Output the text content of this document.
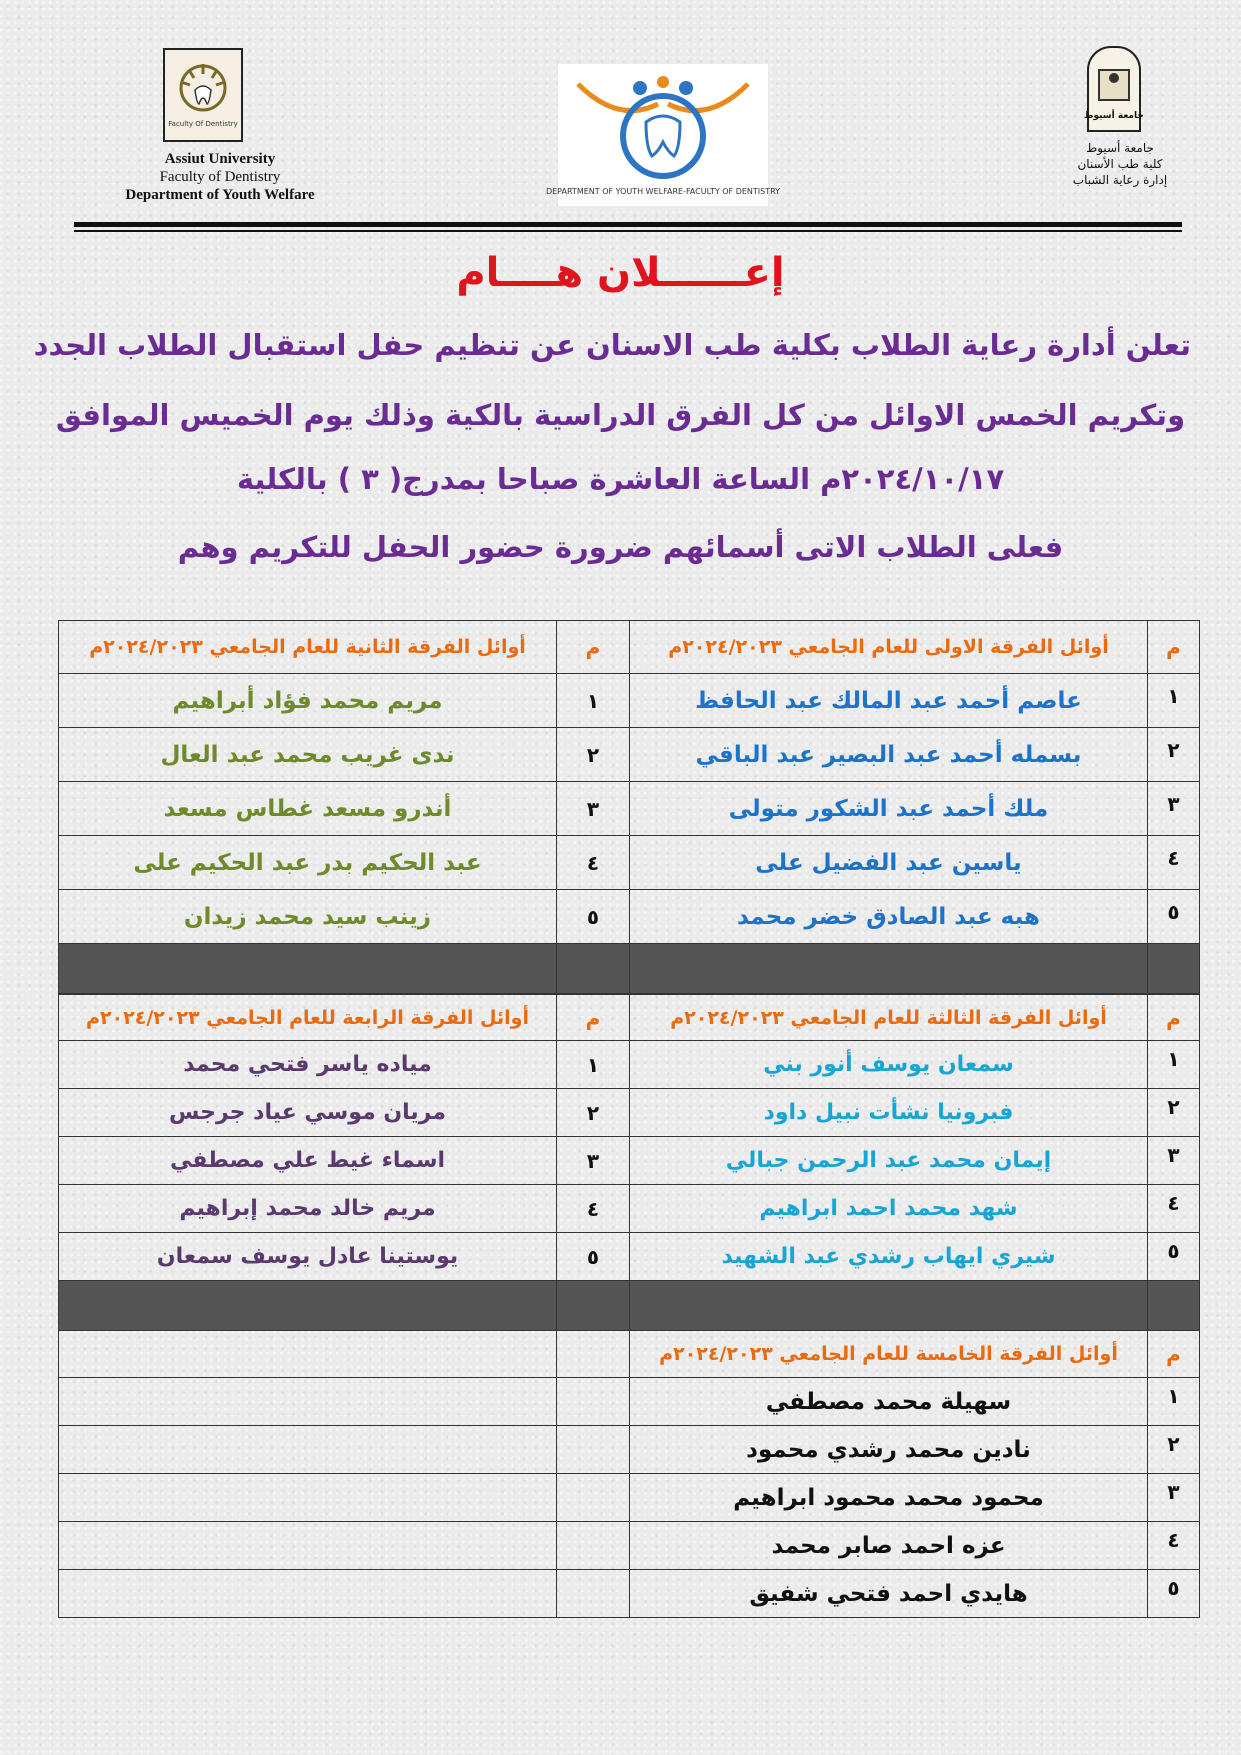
Faculty Of Dentistry
DEPARTMENT OF YOUTH WELFARE-FACULTY OF DENTISTRY
جامعة أسيوط
Assiut University
Faculty of Dentistry
Department of Youth Welfare
جامعة أسيوط
كلية طب الأسنان
إدارة رعاية الشباب
إعــــــلان هــــام
تعلن أدارة رعاية الطلاب بكلية طب الاسنان عن تنظيم حفل استقبال الطلاب الجدد
وتكريم الخمس الاوائل من كل الفرق الدراسية بالكية وذلك يوم الخميس الموافق
٢٠٢٤/١٠/١٧م الساعة العاشرة صباحا بمدرج( ٣ ) بالكلية
فعلى الطلاب الاتى أسمائهم ضرورة حضور الحفل للتكريم وهم
م	أوائل الفرقة الاولى للعام الجامعي ٢٠٢٤/٢٠٢٣م	م	أوائل الفرقة الثانية للعام الجامعي ٢٠٢٤/٢٠٢٣م
١	عاصم أحمد عبد المالك عبد الحافظ	١	مريم محمد فؤاد أبراهيم
٢	بسمله أحمد عبد البصير عبد الباقي	٢	ندى غريب محمد عبد العال
٣	ملك أحمد عبد الشكور متولى	٣	أندرو مسعد غطاس مسعد
٤	ياسين عبد الفضيل على	٤	عبد الحكيم بدر عبد الحكيم على
٥	هبه عبد الصادق خضر محمد	٥	زينب سيد محمد زيدان

م	أوائل الفرقة الثالثة للعام الجامعي ٢٠٢٤/٢٠٢٣م	م	أوائل الفرقة الرابعة للعام الجامعي ٢٠٢٤/٢٠٢٣م
١	سمعان يوسف أنور بني	١	مياده ياسر فتحي محمد
٢	فبرونيا نشأت نبيل داود	٢	مريان موسي عياد جرجس
٣	إيمان محمد عبد الرحمن جبالي	٣	اسماء غيط علي مصطفي
٤	شهد محمد احمد ابراهيم	٤	مريم خالد محمد إبراهيم
٥	شيري ايهاب رشدي عبد الشهيد	٥	يوستينا عادل يوسف سمعان

م	أوائل الفرقة الخامسة للعام الجامعي ٢٠٢٤/٢٠٢٣م		
١	سهيلة محمد مصطفي		
٢	نادين محمد رشدي محمود		
٣	محمود محمد محمود ابراهيم		
٤	عزه احمد صابر محمد		
٥	هايدي احمد فتحي شفيق		
